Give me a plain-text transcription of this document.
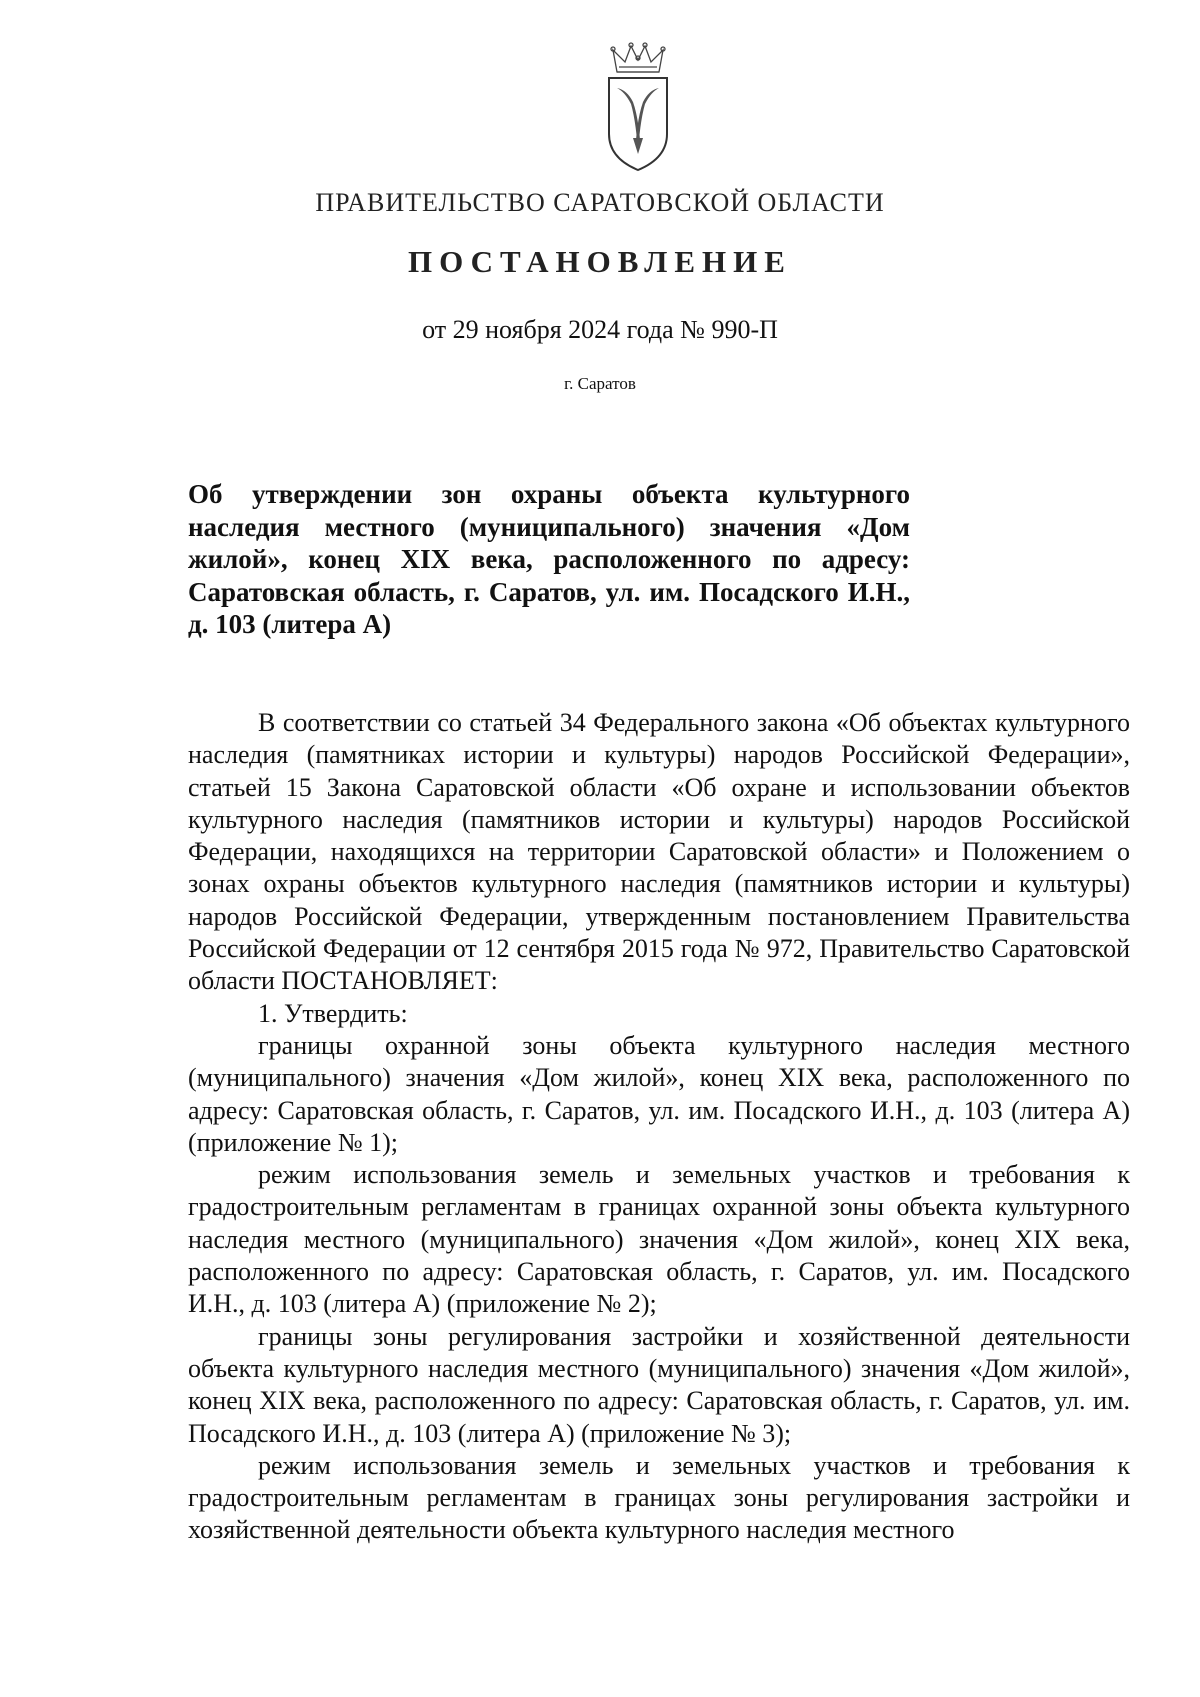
ПРАВИТЕЛЬСТВО САРАТОВСКОЙ ОБЛАСТИ
ПОСТАНОВЛЕНИЕ
от 29 ноября 2024 года № 990-П
г. Саратов

Об утверждении зон охраны объекта культурного наследия местного (муниципального) значения «Дом жилой», конец XIX века, расположенного по адресу: Саратовская область, г. Саратов, ул. им. Посадского И.Н., д. 103 (литера А)

В соответствии со статьей 34 Федерального закона «Об объектах культурного наследия (памятниках истории и культуры) народов Российской Федерации», статьей 15 Закона Саратовской области «Об охране и использовании объектов культурного наследия (памятников истории и культуры) народов Российской Федерации, находящихся на территории Саратовской области» и Положением о зонах охраны объектов культурного наследия (памятников истории и культуры) народов Российской Федерации, утвержденным постановлением Правительства Российской Федерации от 12 сентября 2015 года № 972, Правительство Саратовской области ПОСТАНОВЛЯЕТ:

1. Утвердить:

границы охранной зоны объекта культурного наследия местного (муниципального) значения «Дом жилой», конец XIX века, расположенного по адресу: Саратовская область, г. Саратов, ул. им. Посадского И.Н., д. 103 (литера А) (приложение № 1);

режим использования земель и земельных участков и требования к градостроительным регламентам в границах охранной зоны объекта культурного наследия местного (муниципального) значения «Дом жилой», конец XIX века, расположенного по адресу: Саратовская область, г. Саратов, ул. им. Посадского И.Н., д. 103 (литера А) (приложение № 2);

границы зоны регулирования застройки и хозяйственной деятельности объекта культурного наследия местного (муниципального) значения «Дом жилой», конец XIX века, расположенного по адресу: Саратовская область, г. Саратов, ул. им. Посадского И.Н., д. 103 (литера А) (приложение № 3);

режим использования земель и земельных участков и требования к градостроительным регламентам в границах зоны регулирования застройки и хозяйственной деятельности объекта культурного наследия местного
